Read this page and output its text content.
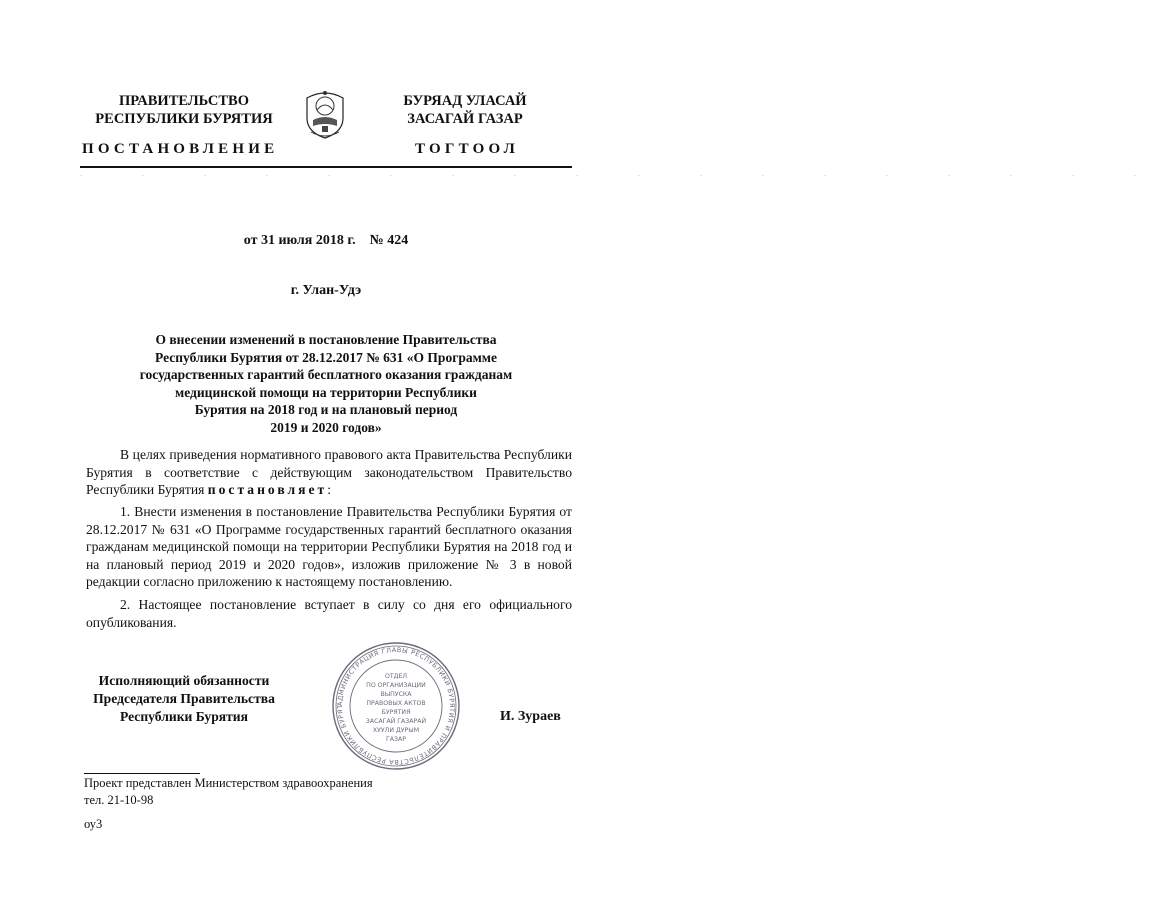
ПРАВИТЕЛЬСТВО
РЕСПУБЛИКИ БУРЯТИЯ
ПОСТАНОВЛЕНИЕ
БУРЯАД УЛАСАЙ
ЗАСАГАЙ ГАЗАР
ТОГТООЛ
. . . . . . . . . . . . . . . . . .
от 31 июля 2018 г. № 424
г. Улан-Удэ
О внесении изменений в постановление Правительства
Республики Бурятия от 28.12.2017 № 631 «О Программе
государственных гарантий бесплатного оказания гражданам
медицинской помощи на территории Республики
Бурятия на 2018 год и на плановый период
2019 и 2020 годов»
В целях приведения нормативного правового акта Правительства Республики Бурятия в соответствие с действующим законодательством Правительство Республики Бурятия постановляет:
1. Внести изменения в постановление Правительства Республики Бурятия от 28.12.2017 № 631 «О Программе государственных гарантий бесплатного оказания гражданам медицинской помощи на территории Республики Бурятия на 2018 год и на плановый период 2019 и 2020 годов», изложив приложение № 3 в новой редакции согласно приложению к настоящему постановлению.
2. Настоящее постановление вступает в силу со дня его официального опубликования.
Исполняющий обязанности
Председателя Правительства
Республики Бурятия
АДМИНИСТРАЦИЯ ГЛАВЫ РЕСПУБЛИКИ БУРЯТИЯ И ПРАВИТЕЛЬСТВА РЕСПУБЛИКИ БУРЯТ
ОТДЕЛ
ПО ОРГАНИЗАЦИИ
ВЫПУСКА
ПРАВОВЫХ АКТОВ
БУРЯТИЯ
ЗАСАГАЙ ГАЗАРАЙ
ХУУЛИ ДУРЫМ
ГАЗАР
И. Зураев
Проект представлен Министерством здравоохранения
тел. 21-10-98
оу3
